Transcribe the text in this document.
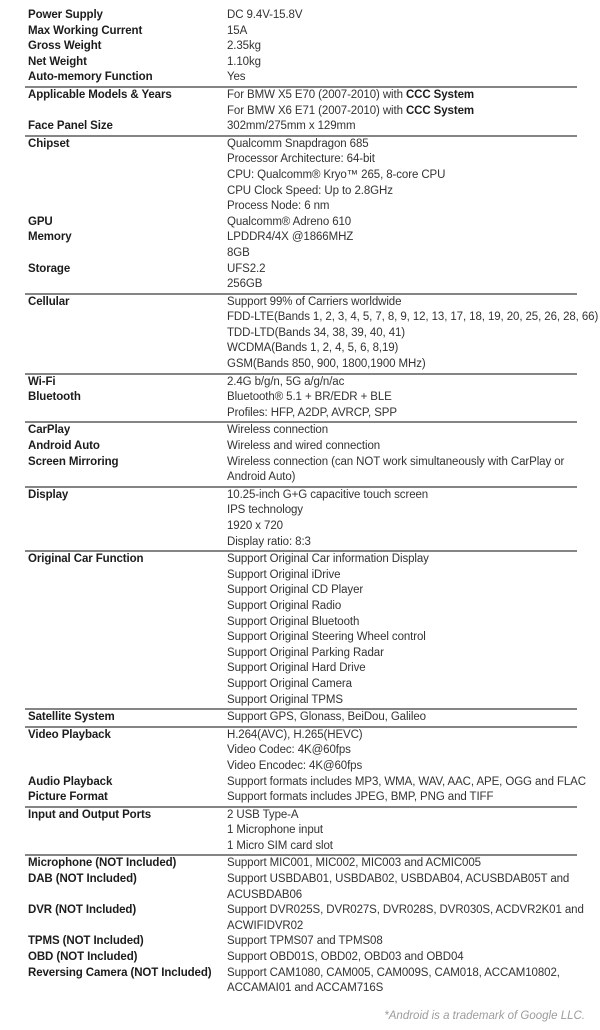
Power Supply	DC 9.4V-15.8V
Max Working Current	15A
Gross Weight	2.35kg
Net Weight	1.10kg
Auto-memory Function	Yes
Applicable Models & Years	For BMW X5 E70 (2007-2010) with CCC System
For BMW X6 E71 (2007-2010) with CCC System
Face Panel Size	302mm/275mm x 129mm
Chipset	Qualcomm Snapdragon 685
Processor Architecture: 64-bit
CPU: Qualcomm® Kryo™ 265, 8-core CPU
CPU Clock Speed: Up to 2.8GHz
Process Node: 6 nm
GPU	Qualcomm® Adreno 610
Memory	LPDDR4/4X @1866MHZ
8GB
Storage	UFS2.2
256GB
Cellular	Support 99% of Carriers worldwide
FDD-LTE(Bands 1, 2, 3, 4, 5, 7, 8, 9, 12, 13, 17, 18, 19, 20, 25, 26, 28, 66)
TDD-LTD(Bands 34, 38, 39, 40, 41)
WCDMA(Bands 1, 2, 4, 5, 6, 8,19)
GSM(Bands 850, 900, 1800,1900 MHz)
Wi-Fi	2.4G b/g/n, 5G a/g/n/ac
Bluetooth	Bluetooth® 5.1 + BR/EDR + BLE
Profiles: HFP, A2DP, AVRCP, SPP
CarPlay	Wireless connection
Android Auto	Wireless and wired connection
Screen Mirroring	Wireless connection (can NOT work simultaneously with CarPlay or
Android Auto)
Display	10.25-inch G+G capacitive touch screen
IPS technology
1920 x 720
Display ratio: 8:3
Original Car Function	Support Original Car information Display
Support Original iDrive
Support Original CD Player
Support Original Radio
Support Original Bluetooth
Support Original Steering Wheel control
Support Original Parking Radar
Support Original Hard Drive
Support Original Camera
Support Original TPMS
Satellite System	Support GPS, Glonass, BeiDou, Galileo
Video Playback	H.264(AVC), H.265(HEVC)
Video Codec: 4K@60fps
Video Encodec: 4K@60fps
Audio Playback	Support formats includes MP3, WMA, WAV, AAC, APE, OGG and FLAC
Picture Format	Support formats includes JPEG, BMP, PNG and TIFF
Input and Output Ports	2 USB Type-A
1 Microphone input
1 Micro SIM card slot
Microphone (NOT Included)	Support MIC001, MIC002, MIC003 and ACMIC005
DAB (NOT Included)	Support USBDAB01, USBDAB02, USBDAB04, ACUSBDAB05T and
ACUSBDAB06
DVR (NOT Included)	Support DVR025S, DVR027S, DVR028S, DVR030S, ACDVR2K01 and
ACWIFIDVR02
TPMS (NOT Included)	Support TPMS07 and TPMS08
OBD (NOT Included)	Support OBD01S, OBD02, OBD03 and OBD04
Reversing Camera (NOT Included)	Support CAM1080, CAM005, CAM009S, CAM018, ACCAM10802,
ACCAMAI01 and ACCAM716S
*Android is a trademark of Google LLC.
